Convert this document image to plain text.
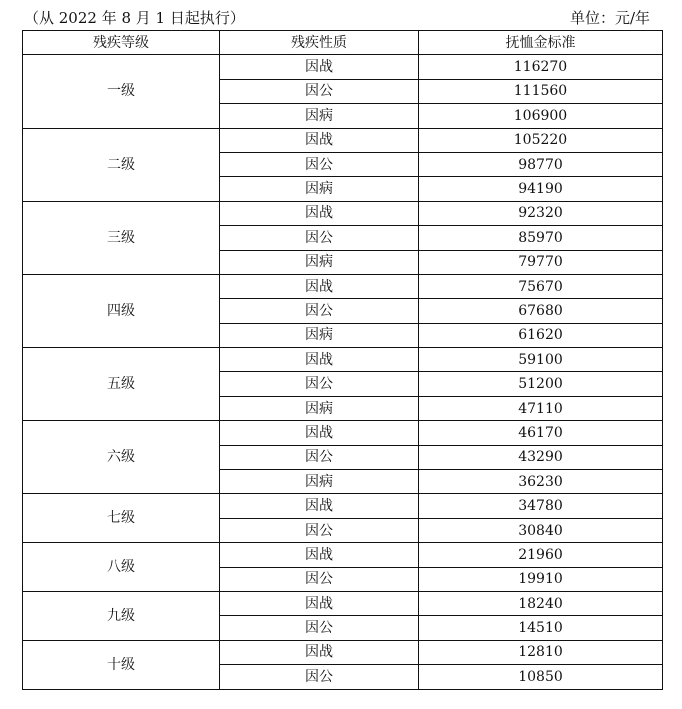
（从 2022 年 8 月 1 日起执行）	单位：元/年
残疾等级	残疾性质	抚恤金标准
一级	因战	116270
	因公	111560
	因病	106900
二级	因战	105220
	因公	98770
	因病	94190
三级	因战	92320
	因公	85970
	因病	79770
四级	因战	75670
	因公	67680
	因病	61620
五级	因战	59100
	因公	51200
	因病	47110
六级	因战	46170
	因公	43290
	因病	36230
七级	因战	34780
	因公	30840
八级	因战	21960
	因公	19910
九级	因战	18240
	因公	14510
十级	因战	12810
	因公	10850
